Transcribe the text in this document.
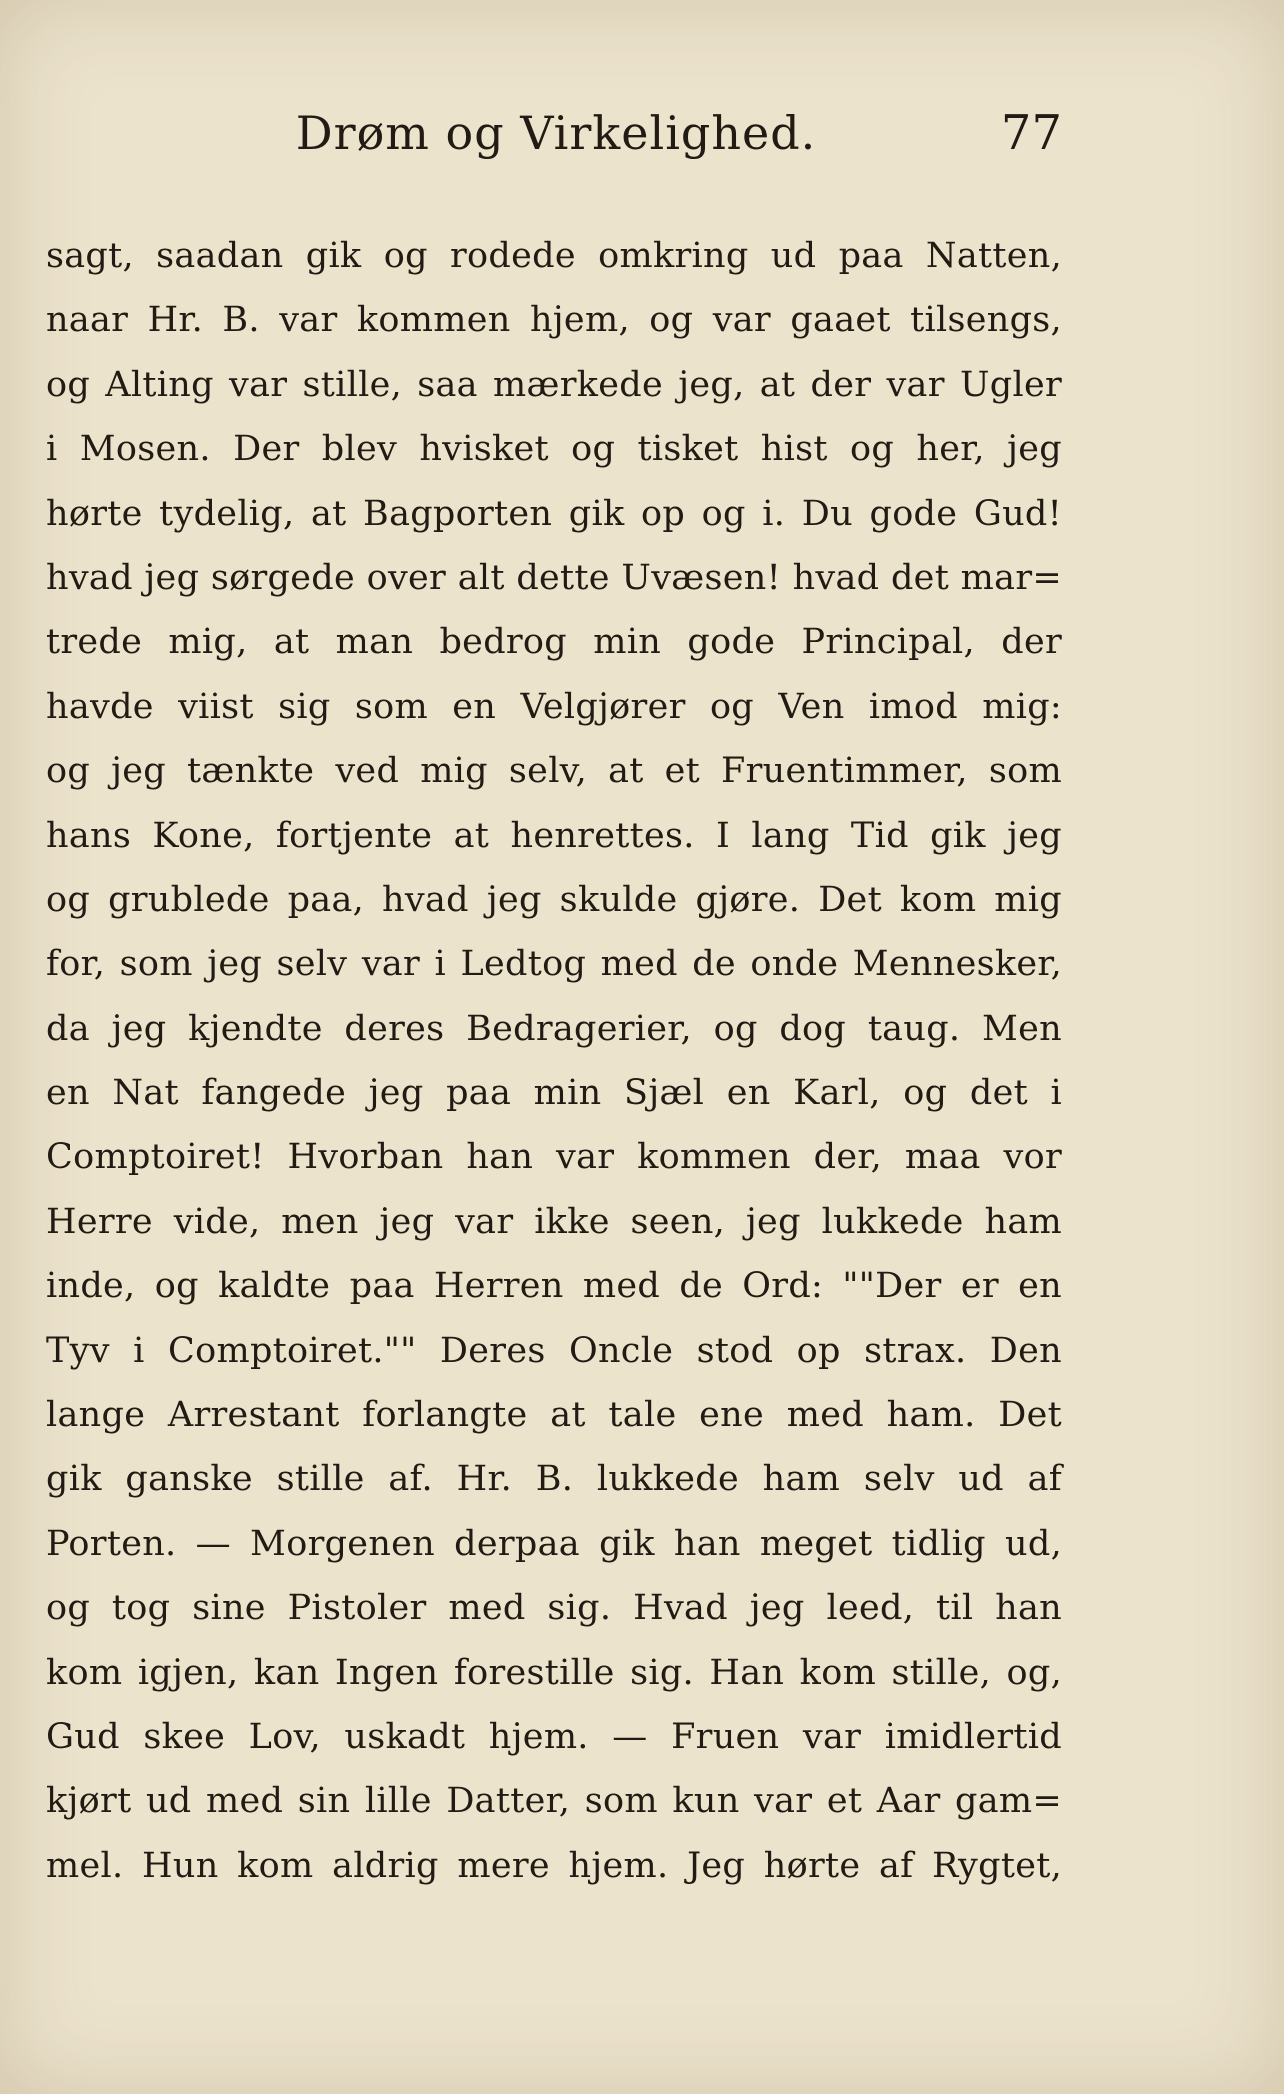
Drøm og Virkelighed.	77
sagt, saadan gik og rodede omkring ud paa Natten,
naar Hr. B. var kommen hjem, og var gaaet tilsengs,
og Alting var stille, saa mærkede jeg, at der var Ugler
i Mosen. Der blev hvisket og tisket hist og her, jeg
hørte tydelig, at Bagporten gik op og i. Du gode Gud!
hvad jeg sørgede over alt dette Uvæsen! hvad det mar=
trede mig, at man bedrog min gode Principal, der
havde viist sig som en Velgjører og Ven imod mig:
og jeg tænkte ved mig selv, at et Fruentimmer, som
hans Kone, fortjente at henrettes. I lang Tid gik jeg
og grublede paa, hvad jeg skulde gjøre. Det kom mig
for, som jeg selv var i Ledtog med de onde Mennesker,
da jeg kjendte deres Bedragerier, og dog taug. Men
en Nat fangede jeg paa min Sjæl en Karl, og det i
Comptoiret! Hvorban han var kommen der, maa vor
Herre vide, men jeg var ikke seen, jeg lukkede ham
inde, og kaldte paa Herren med de Ord: ""Der er en
Tyv i Comptoiret."" Deres Oncle stod op strax. Den
lange Arrestant forlangte at tale ene med ham. Det
gik ganske stille af. Hr. B. lukkede ham selv ud af
Porten. — Morgenen derpaa gik han meget tidlig ud,
og tog sine Pistoler med sig. Hvad jeg leed, til han
kom igjen, kan Ingen forestille sig. Han kom stille, og,
Gud skee Lov, uskadt hjem. — Fruen var imidlertid
kjørt ud med sin lille Datter, som kun var et Aar gam=
mel. Hun kom aldrig mere hjem. Jeg hørte af Rygtet,
